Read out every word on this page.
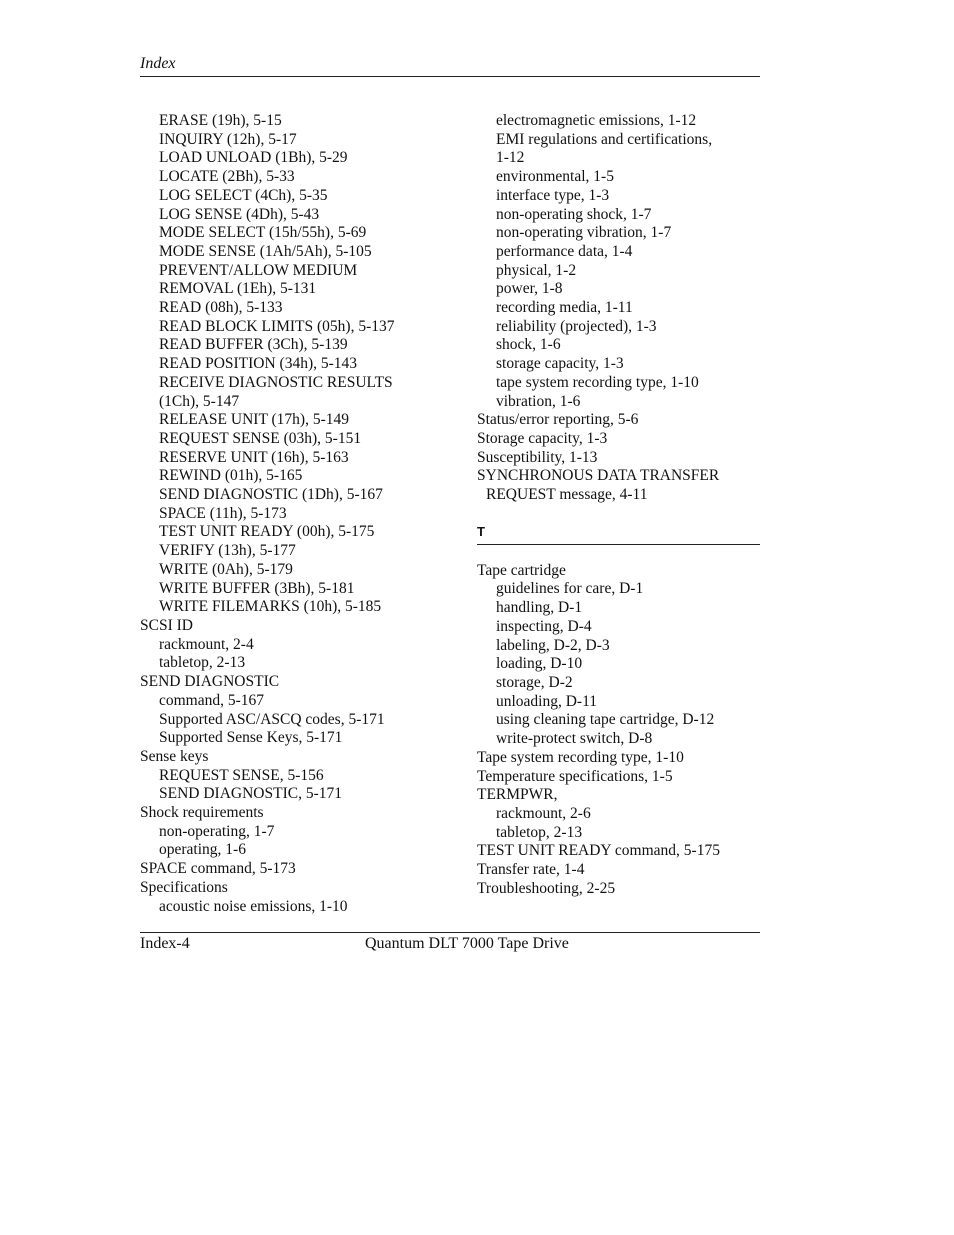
Index
ERASE (19h), 5-15
INQUIRY (12h), 5-17
LOAD UNLOAD (1Bh), 5-29
LOCATE (2Bh), 5-33
LOG SELECT (4Ch), 5-35
LOG SENSE (4Dh), 5-43
MODE SELECT (15h/55h), 5-69
MODE SENSE (1Ah/5Ah), 5-105
PREVENT/ALLOW MEDIUM
REMOVAL (1Eh), 5-131
READ (08h), 5-133
READ BLOCK LIMITS (05h), 5-137
READ BUFFER (3Ch), 5-139
READ POSITION (34h), 5-143
RECEIVE DIAGNOSTIC RESULTS
(1Ch), 5-147
RELEASE UNIT (17h), 5-149
REQUEST SENSE (03h), 5-151
RESERVE UNIT (16h), 5-163
REWIND (01h), 5-165
SEND DIAGNOSTIC (1Dh), 5-167
SPACE (11h), 5-173
TEST UNIT READY (00h), 5-175
VERIFY (13h), 5-177
WRITE (0Ah), 5-179
WRITE BUFFER (3Bh), 5-181
WRITE FILEMARKS (10h), 5-185
SCSI ID
rackmount, 2-4
tabletop, 2-13
SEND DIAGNOSTIC
command, 5-167
Supported ASC/ASCQ codes, 5-171
Supported Sense Keys, 5-171
Sense keys
REQUEST SENSE, 5-156
SEND DIAGNOSTIC, 5-171
Shock requirements
non-operating, 1-7
operating, 1-6
SPACE command, 5-173
Specifications
acoustic noise emissions, 1-10
electromagnetic emissions, 1-12
EMI regulations and certifications,
1-12
environmental, 1-5
interface type, 1-3
non-operating shock, 1-7
non-operating vibration, 1-7
performance data, 1-4
physical, 1-2
power, 1-8
recording media, 1-11
reliability (projected), 1-3
shock, 1-6
storage capacity, 1-3
tape system recording type, 1-10
vibration, 1-6
Status/error reporting, 5-6
Storage capacity, 1-3
Susceptibility, 1-13
SYNCHRONOUS DATA TRANSFER
REQUEST message, 4-11
T
Tape cartridge
guidelines for care, D-1
handling, D-1
inspecting, D-4
labeling, D-2, D-3
loading, D-10
storage, D-2
unloading, D-11
using cleaning tape cartridge, D-12
write-protect switch, D-8
Tape system recording type, 1-10
Temperature specifications, 1-5
TERMPWR,
rackmount, 2-6
tabletop, 2-13
TEST UNIT READY command, 5-175
Transfer rate, 1-4
Troubleshooting, 2-25
Index-4	Quantum DLT 7000 Tape Drive
